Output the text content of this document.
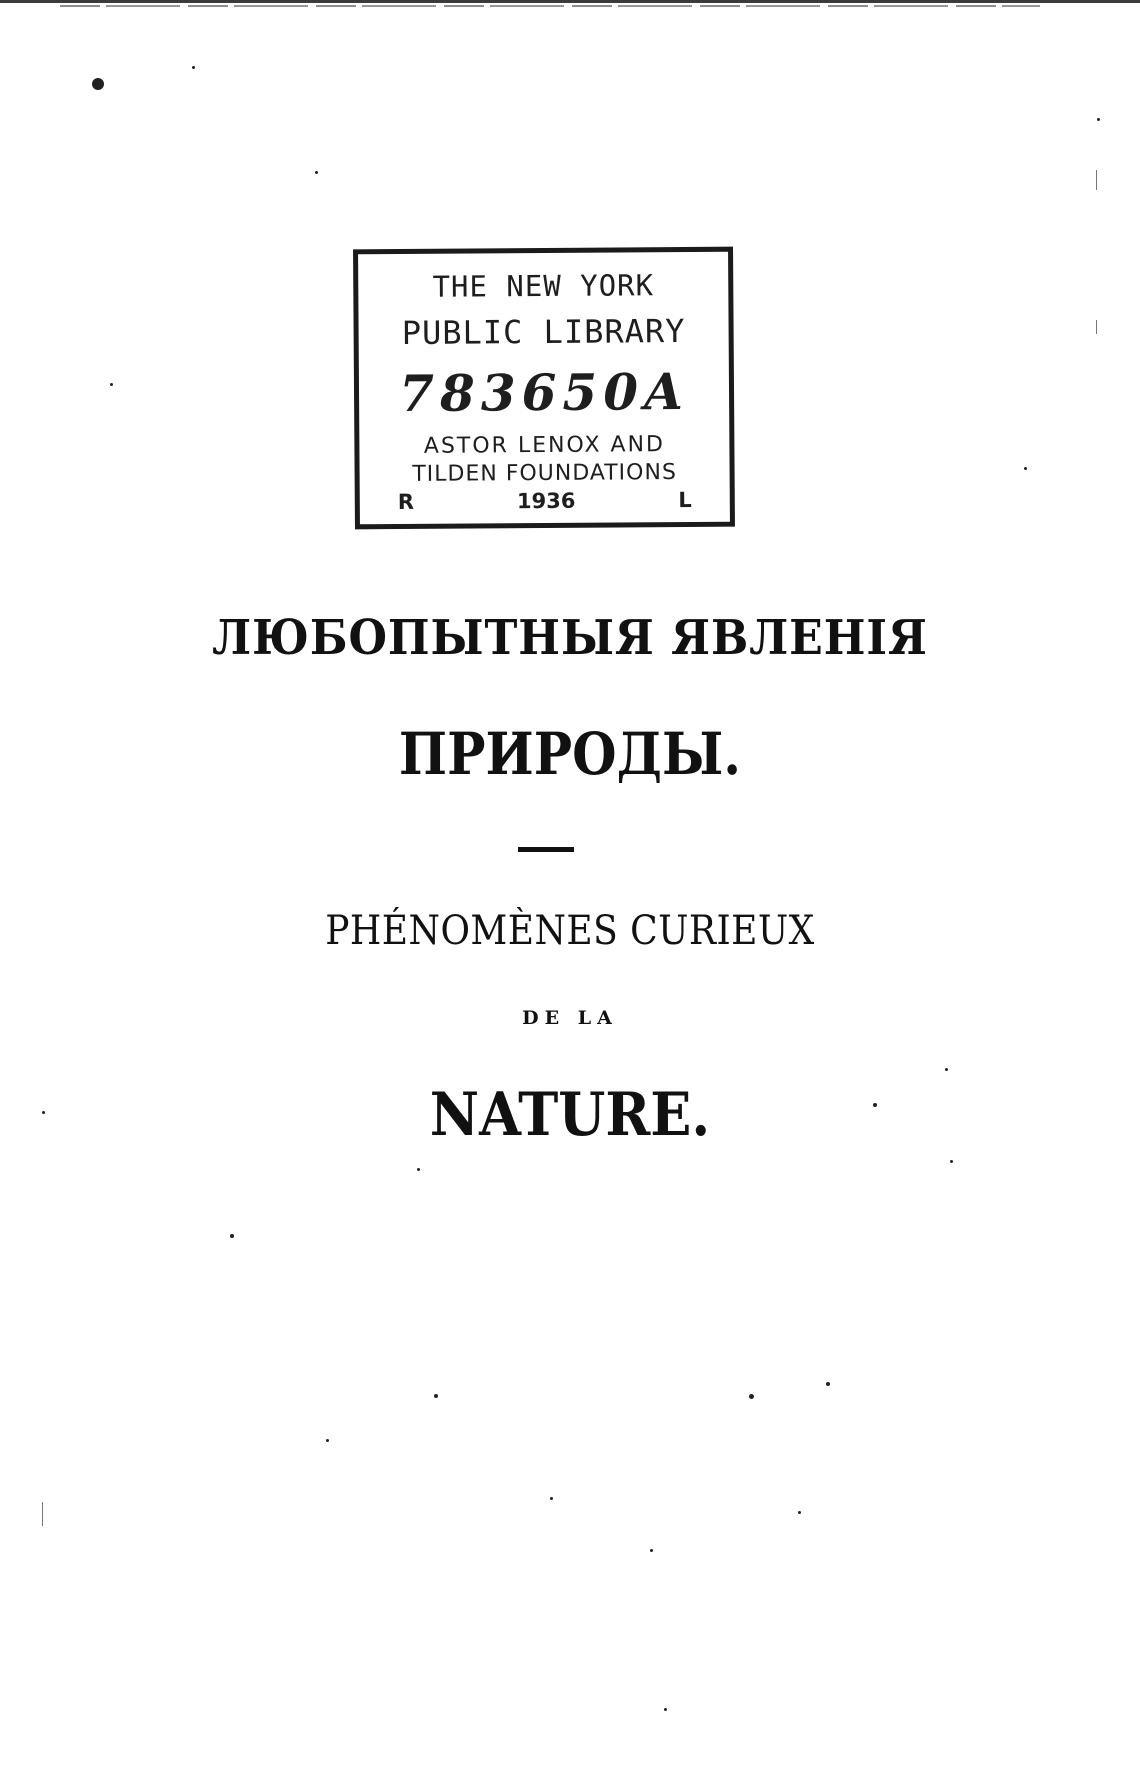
THE NEW YORK
PUBLIC LIBRARY
783650A
ASTOR LENOX AND
TILDEN FOUNDATIONS
R	1936	L
ЛЮБОПЫТНЫЯ ЯВЛЕНІЯ
ПРИРОДЫ.
PHÉNOMÈNES CURIEUX
DE LA
NATURE.
